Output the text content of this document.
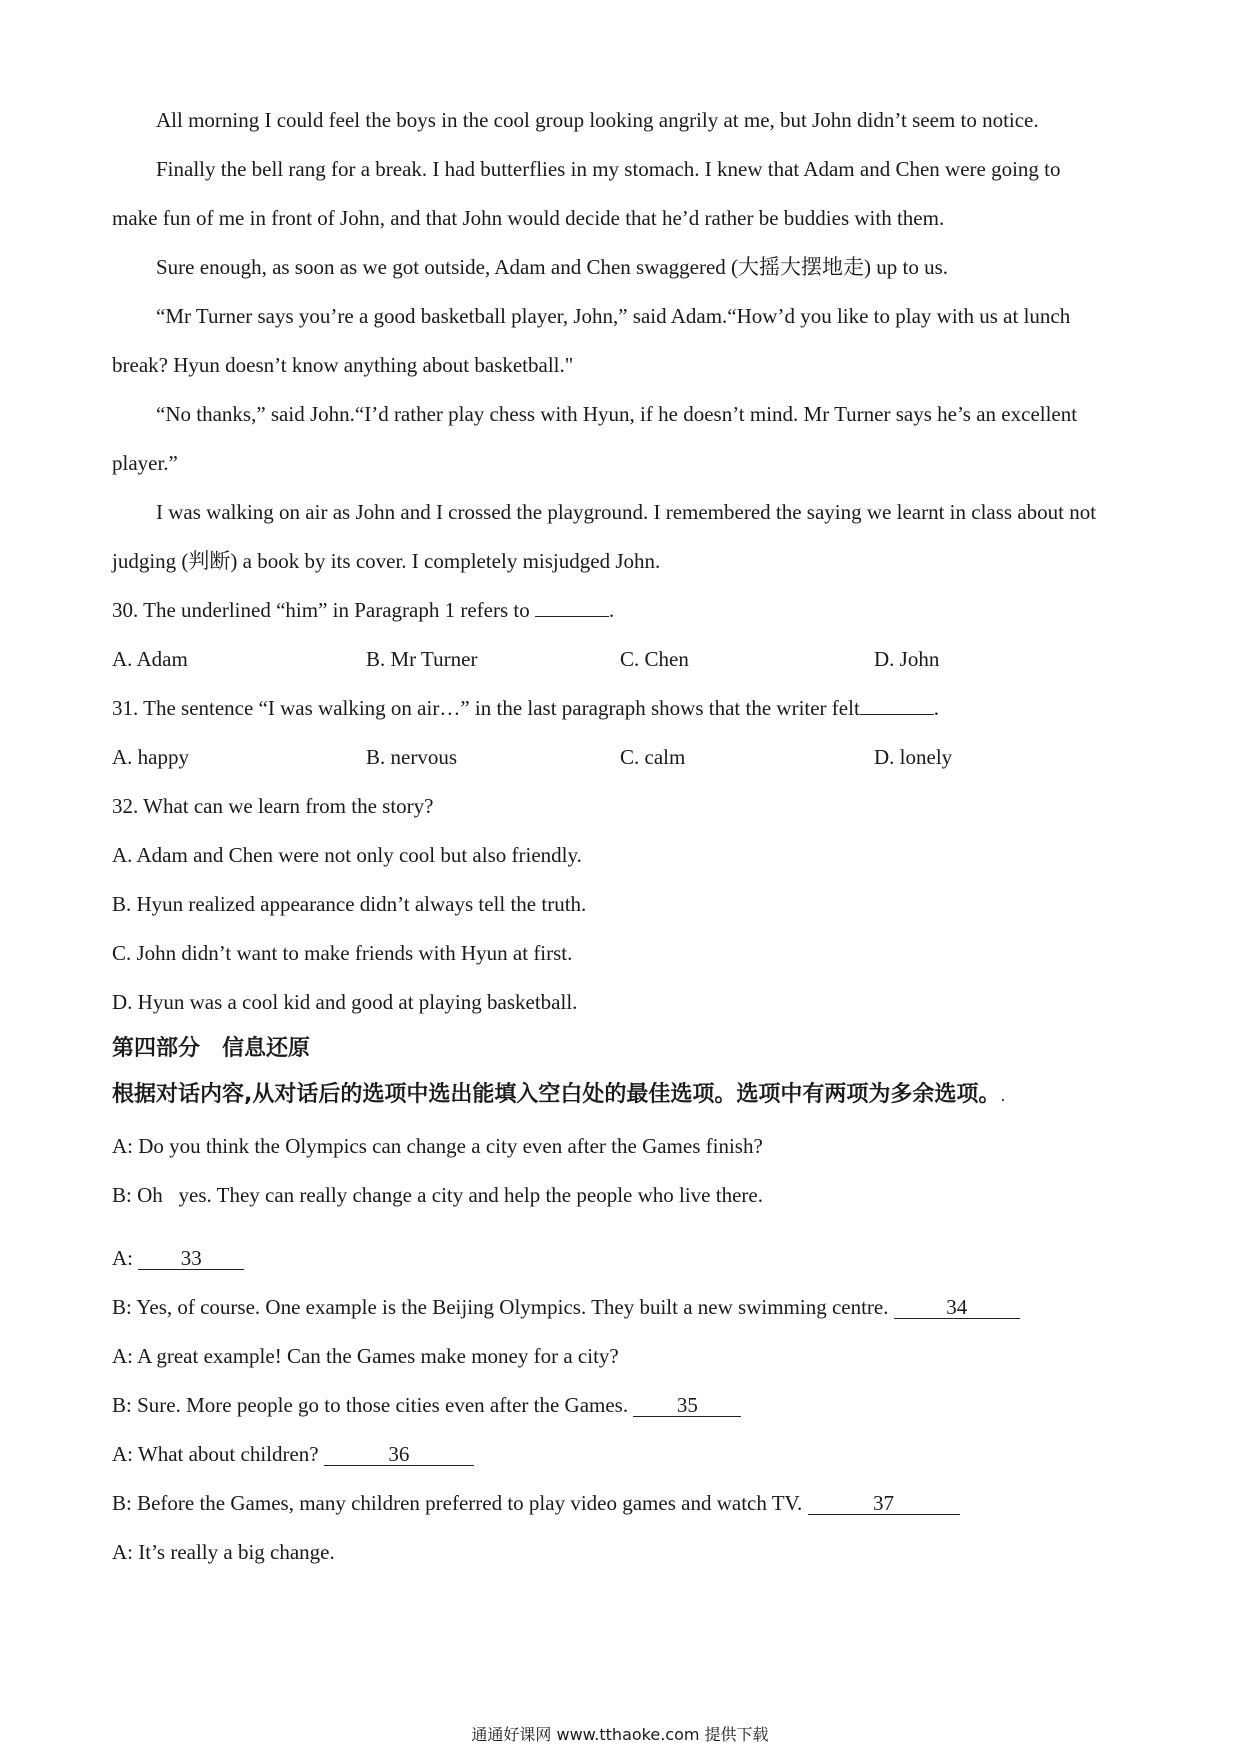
All morning I could feel the boys in the cool group looking angrily at me, but John didn’t seem to notice.
Finally the bell rang for a break. I had butterflies in my stomach. I knew that Adam and Chen were going to
make fun of me in front of John, and that John would decide that he’d rather be buddies with them.
Sure enough, as soon as we got outside, Adam and Chen swaggered (大摇大摆地走) up to us.
“Mr Turner says you’re a good basketball player, John,” said Adam.“How’d you like to play with us at lunch
break? Hyun doesn’t know anything about basketball."
“No thanks,” said John.“I’d rather play chess with Hyun, if he doesn’t mind. Mr Turner says he’s an excellent
player.”
I was walking on air as John and I crossed the playground. I remembered the saying we learnt in class about not
judging (判断) a book by its cover. I completely misjudged John.
30. The underlined “him” in Paragraph 1 refers to	.
A. Adam	B. Mr Turner	C. Chen	D. John
31. The sentence “I was walking on air…” in the last paragraph shows that the writer felt	.
A. happy	B. nervous	C. calm	D. lonely
32. What can we learn from the story?
A. Adam and Chen were not only cool but also friendly.
B. Hyun realized appearance didn’t always tell the truth.
C. John didn’t want to make friends with Hyun at first.
D. Hyun was a cool kid and good at playing basketball.
第四部分　信息还原
根据对话内容,从对话后的选项中选出能填入空白处的最佳选项。选项中有两项为多余选项。.
A: Do you think the Olympics can change a city even after the Games finish?
B: Oh   yes. They can really change a city and help the people who live there.
A: 33
B: Yes, of course. One example is the Beijing Olympics. They built a new swimming centre.	34
A: A great example! Can the Games make money for a city?
B: Sure. More people go to those cities even after the Games. 35
A: What about children?	36
B: Before the Games, many children preferred to play video games and watch TV.	37
A: It’s really a big change.
通通好课网 www.tthaoke.com 提供下载
